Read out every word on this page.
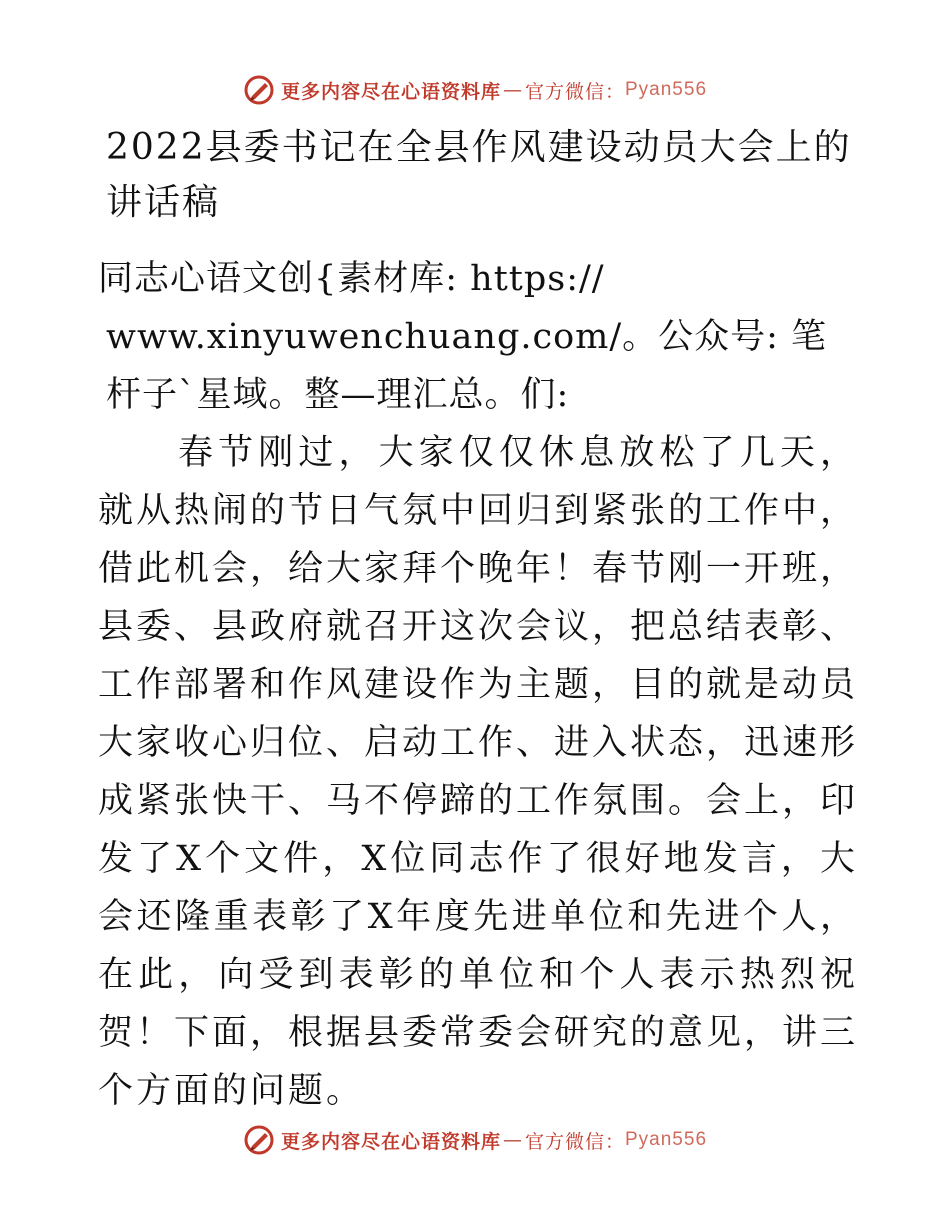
更多内容尽在心语资料库 — 官方微信： Pyan556
2022县委书记在全县作风建设动员大会上的讲话稿

同志心语文创{素材库: https:// www.xinyuwenchuang.com/。公众号: 笔杆子`星域。整—理汇总。们:

春节刚过，大家仅仅休息放松了几天，就从热闹的节日气氛中回归到紧张的工作中，借此机会，给大家拜个晚年！春节刚一开班，县委、县政府就召开这次会议，把总结表彰、工作部署和作风建设作为主题，目的就是动员大家收心归位、启动工作、进入状态，迅速形成紧张快干、马不停蹄的工作氛围。会上，印发了X个文件，X位同志作了很好地发言，大会还隆重表彰了X年度先进单位和先进个人，在此，向受到表彰的单位和个人表示热烈祝贺！下面，根据县委常委会研究的意见，讲三个方面的问题。

更多内容尽在心语资料库 — 官方微信： Pyan556
